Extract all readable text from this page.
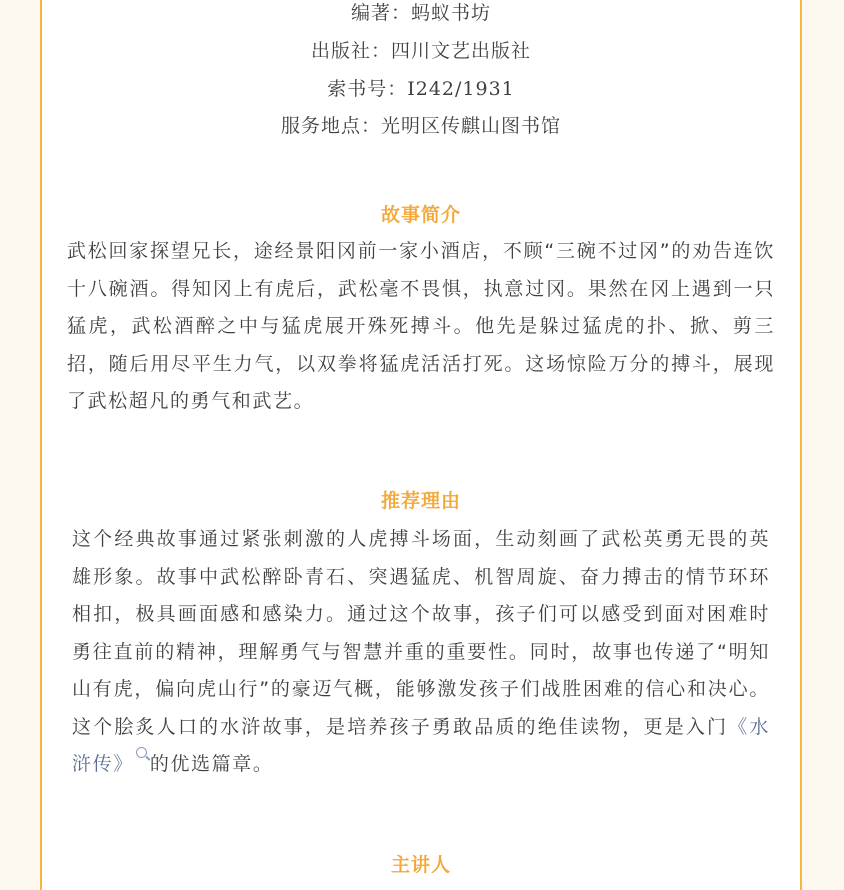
编著：蚂蚁书坊
出版社：四川文艺出版社
索书号：I242/1931
服务地点：光明区传麒山图书馆
故事简介
武松回家探望兄长，途经景阳冈前一家小酒店，不顾“三碗不过冈”的劝告连饮十八碗酒。得知冈上有虎后，武松毫不畏惧，执意过冈。果然在冈上遇到一只猛虎，武松酒醉之中与猛虎展开殊死搏斗。他先是躲过猛虎的扑、掀、剪三招，随后用尽平生力气，以双拳将猛虎活活打死。这场惊险万分的搏斗，展现了武松超凡的勇气和武艺。
推荐理由
这个经典故事通过紧张刺激的人虎搏斗场面，生动刻画了武松英勇无畏的英雄形象。故事中武松醉卧青石、突遇猛虎、机智周旋、奋力搏击的情节环环相扣，极具画面感和感染力。通过这个故事，孩子们可以感受到面对困难时勇往直前的精神，理解勇气与智慧并重的重要性。同时，故事也传递了“明知山有虎，偏向虎山行”的豪迈气概，能够激发孩子们战胜困难的信心和决心。这个脍炙人口的水浒故事，是培养孩子勇敢品质的绝佳读物，更是入门《水浒传》 的优选篇章。
主讲人
